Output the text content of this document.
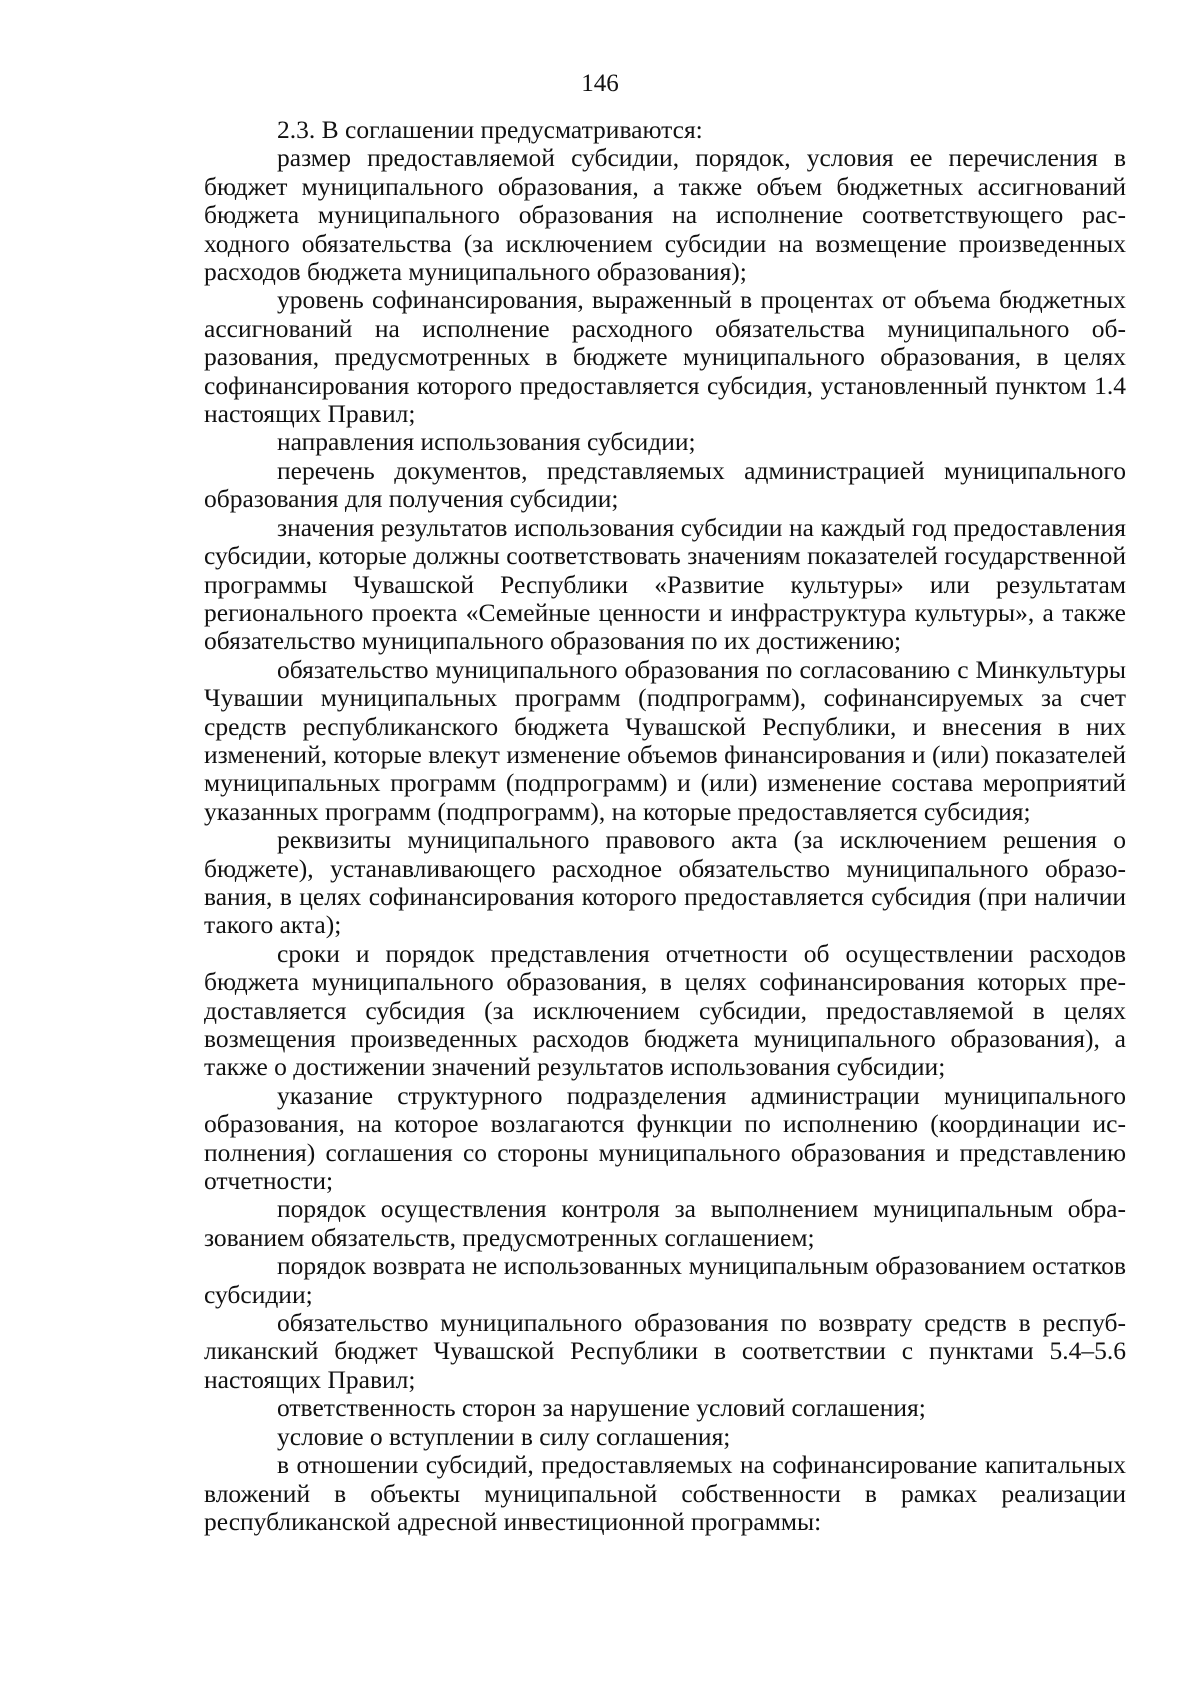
146

2.3. В соглашении предусматриваются:

размер предоставляемой субсидии, порядок, условия ее перечисления в бюджет муниципального образования, а также объем бюджетных ассигнований бюджета муниципального образования на исполнение соответствующего расходного обязательства (за исключением субсидии на возмещение произведенных расходов бюджета муниципального образования);

уровень софинансирования, выраженный в процентах от объема бюджетных ассигнований на исполнение расходного обязательства муниципального образования, предусмотренных в бюджете муниципального образования, в целях софинансирования которого предоставляется субсидия, установленный пунктом 1.4 настоящих Правил;

направления использования субсидии;

перечень документов, представляемых администрацией муниципального образования для получения субсидии;

значения результатов использования субсидии на каждый год предоставления субсидии, которые должны соответствовать значениям показателей государственной программы Чувашской Республики «Развитие культуры» или результатам регионального проекта «Семейные ценности и инфраструктура культуры», а также обязательство муниципального образования по их достижению;

обязательство муниципального образования по согласованию с Минкультуры Чувашии муниципальных программ (подпрограмм), софинансируемых за счет средств республиканского бюджета Чувашской Республики, и внесения в них изменений, которые влекут изменение объемов финансирования и (или) показателей муниципальных программ (подпрограмм) и (или) изменение состава мероприятий указанных программ (подпрограмм), на которые предоставляется субсидия;

реквизиты муниципального правового акта (за исключением решения о бюджете), устанавливающего расходное обязательство муниципального образования, в целях софинансирования которого предоставляется субсидия (при наличии такого акта);

сроки и порядок представления отчетности об осуществлении расходов бюджета муниципального образования, в целях софинансирования которых предоставляется субсидия (за исключением субсидии, предоставляемой в целях возмещения произведенных расходов бюджета муниципального образования), а также о достижении значений результатов использования субсидии;

указание структурного подразделения администрации муниципального образования, на которое возлагаются функции по исполнению (координации исполнения) соглашения со стороны муниципального образования и представлению отчетности;

порядок осуществления контроля за выполнением муниципальным образованием обязательств, предусмотренных соглашением;

порядок возврата не использованных муниципальным образованием остатков субсидии;

обязательство муниципального образования по возврату средств в республиканский бюджет Чувашской Республики в соответствии с пунктами 5.4–5.6 настоящих Правил;

ответственность сторон за нарушение условий соглашения;

условие о вступлении в силу соглашения;

в отношении субсидий, предоставляемых на софинансирование капитальных вложений в объекты муниципальной собственности в рамках реализации республиканской адресной инвестиционной программы:
